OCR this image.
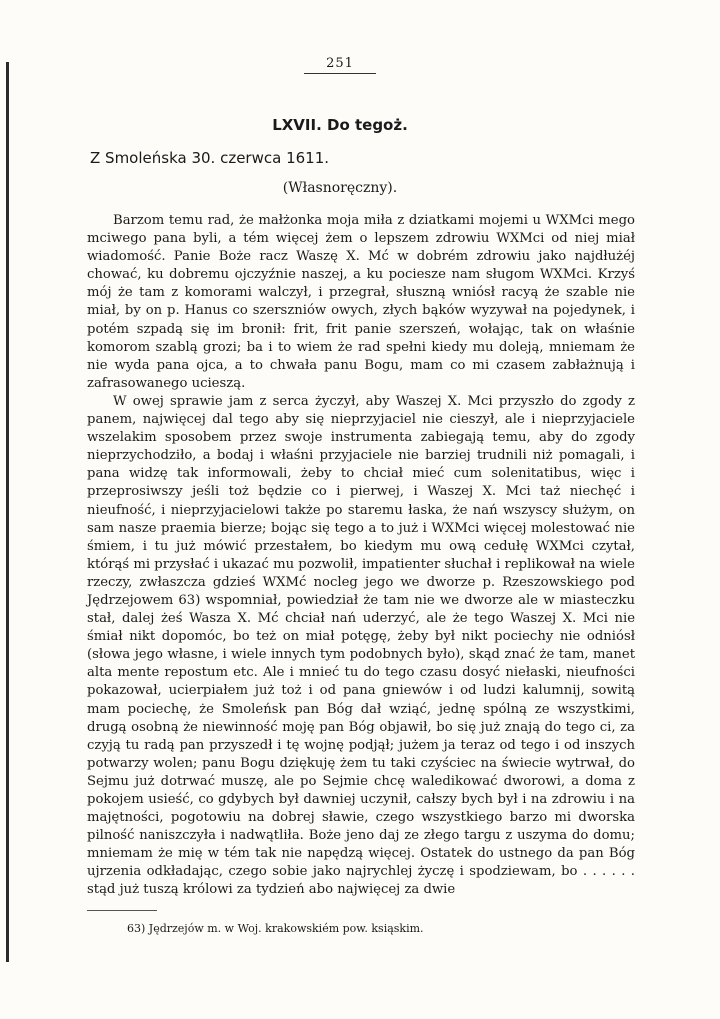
251
LXVII. Do tegoż.
Z Smoleńska 30. czerwca 1611.
(Własnoręczny).

Barzom temu rad, że małżonka moja miła z dziatkami mojemi u WXMci mego mciwego pana byli, a tém więcej żem o lepszem zdrowiu WXMci od niej miał wiadomość. Panie Boże racz Waszę X. Mć w dobrém zdrowiu jako najdłużéj chować, ku dobremu ojczyźnie naszej, a ku pociesze nam sługom WXMci. Krzyś mój że tam z komorami walczył, i przegrał, słuszną wniósł racyą że szable nie miał, by on p. Hanus co szerszniów owych, złych bąków wyzywał na pojedynek, i potém szpadą się im bronił: frit, frit panie szerszeń, wołając, tak on właśnie komorom szablą grozi; ba i to wiem że rad spełni kiedy mu doleją, mniemam że nie wyda pana ojca, a to chwała panu Bogu, mam co mi czasem zabłażnują i zafrasowanego ucieszą.

W owej sprawie jam z serca życzył, aby Waszej X. Mci przyszło do zgody z panem, najwięcej dal tego aby się nieprzyjaciel nie cieszył, ale i nieprzyjaciele wszelakim sposobem przez swoje instrumenta zabiegają temu, aby do zgody nieprzychodziło, a bodaj i właśni przyjaciele nie barziej trudnili niż pomagali, i pana widzę tak informowali, żeby to chciał mieć cum solenitatibus, więc i przeprosiwszy jeśli toż będzie co i pierwej, i Waszej X. Mci taż niechęć i nieufność, i nieprzyjacielowi także po staremu łaska, że nań wszyscy służym, on sam nasze praemia bierze; bojąc się tego a to już i WXMci więcej molestować nie śmiem, i tu już mówić przestałem, bo kiedym mu ową cedułę WXMci czytał, którąś mi przysłać i ukazać mu pozwolił, impatienter słuchał i replikował na wiele rzeczy, zwłaszcza gdzieś WXMć nocleg jego we dworze p. Rzeszowskiego pod Jędrzejowem 63) wspomniał, powiedział że tam nie we dworze ale w miasteczku stał, dalej żeś Wasza X. Mć chciał nań uderzyć, ale że tego Waszej X. Mci nie śmiał nikt dopomóc, bo też on miał potęgę, żeby był nikt pociechy nie odniósł (słowa jego własne, i wiele innych tym podobnych było), skąd znać że tam, manet alta mente repostum etc. Ale i mnieć tu do tego czasu dosyć niełaski, nieufności pokazował, ucierpiałem już toż i od pana gniewów i od ludzi kalumnij, sowitą mam pociechę, że Smoleńsk pan Bóg dał wziąć, jednę spólną ze wszystkimi, drugą osobną że niewinność moję pan Bóg objawił, bo się już znają do tego ci, za czyją tu radą pan przyszedł i tę wojnę podjął; jużem ja teraz od tego i od inszych potwarzy wolen; panu Bogu dziękuję żem tu taki czyściec na świecie wytrwał, do Sejmu już dotrwać muszę, ale po Sejmie chcę waledikować dworowi, a doma z pokojem usieść, co gdybych był dawniej uczynił, całszy bych był i na zdrowiu i na majętności, pogotowiu na dobrej sławie, czego wszystkiego barzo mi dworska pilność naniszczyła i nadwątliła. Boże jeno daj ze złego targu z uszyma do domu; mniemam że mię w tém tak nie napędzą więcej. Ostatek do ustnego da pan Bóg ujrzenia odkładając, czego sobie jako najrychlej życzę i spodziewam, bo . . . . . . stąd już tuszą królowi za tydzień abo najwięcej za dwie

63) Jędrzejów m. w Woj. krakowskiém pow. ksiąskim.
